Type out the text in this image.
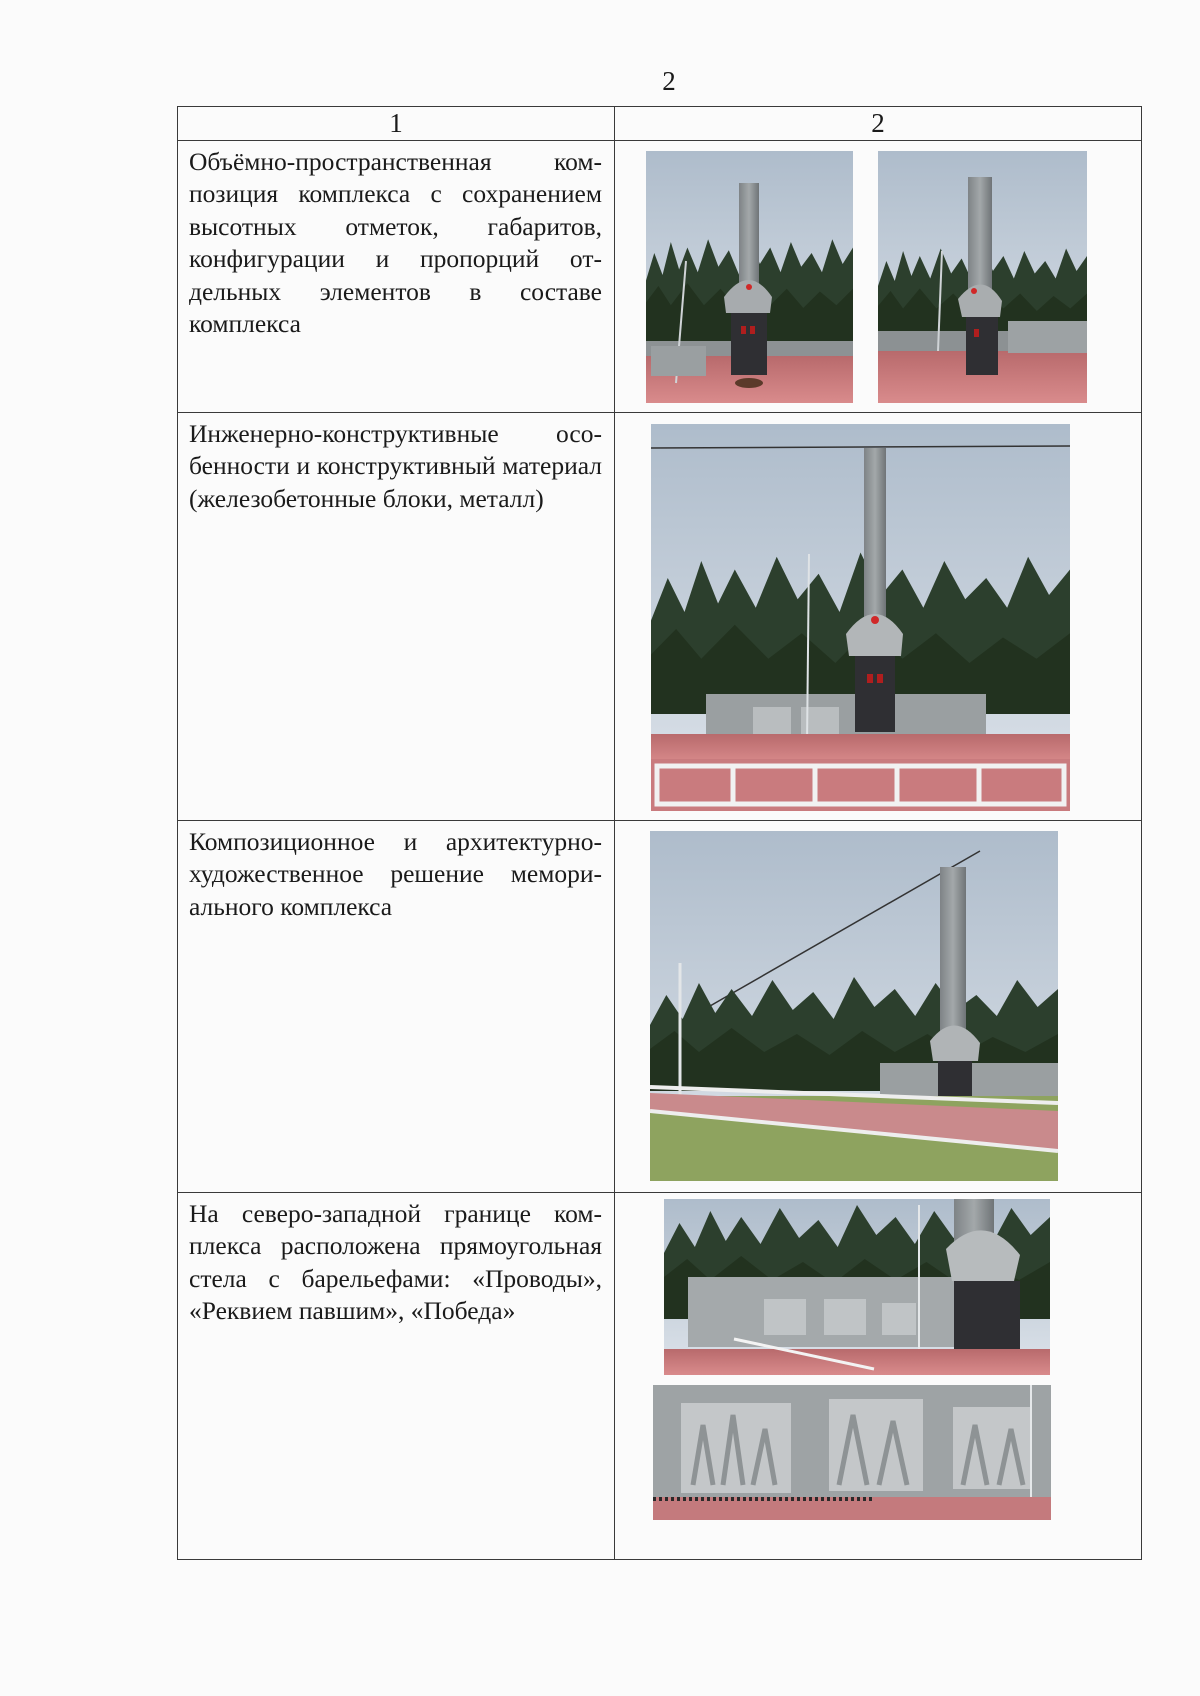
2
1	2

Объёмно-пространственная композиция комплекса с сохранением высотных отметок, габаритов, конфигурации и пропорций отдельных элементов в составе комплекса

Инженерно-конструктивные особенности и конструктивный материал (железобетонные блоки, металл)

Композиционное и архитектурно-художественное решение мемориального комплекса

На северо-западной границе комплекса расположена прямоугольная стела с барельефами: «Проводы», «Реквием павшим», «Победа»
